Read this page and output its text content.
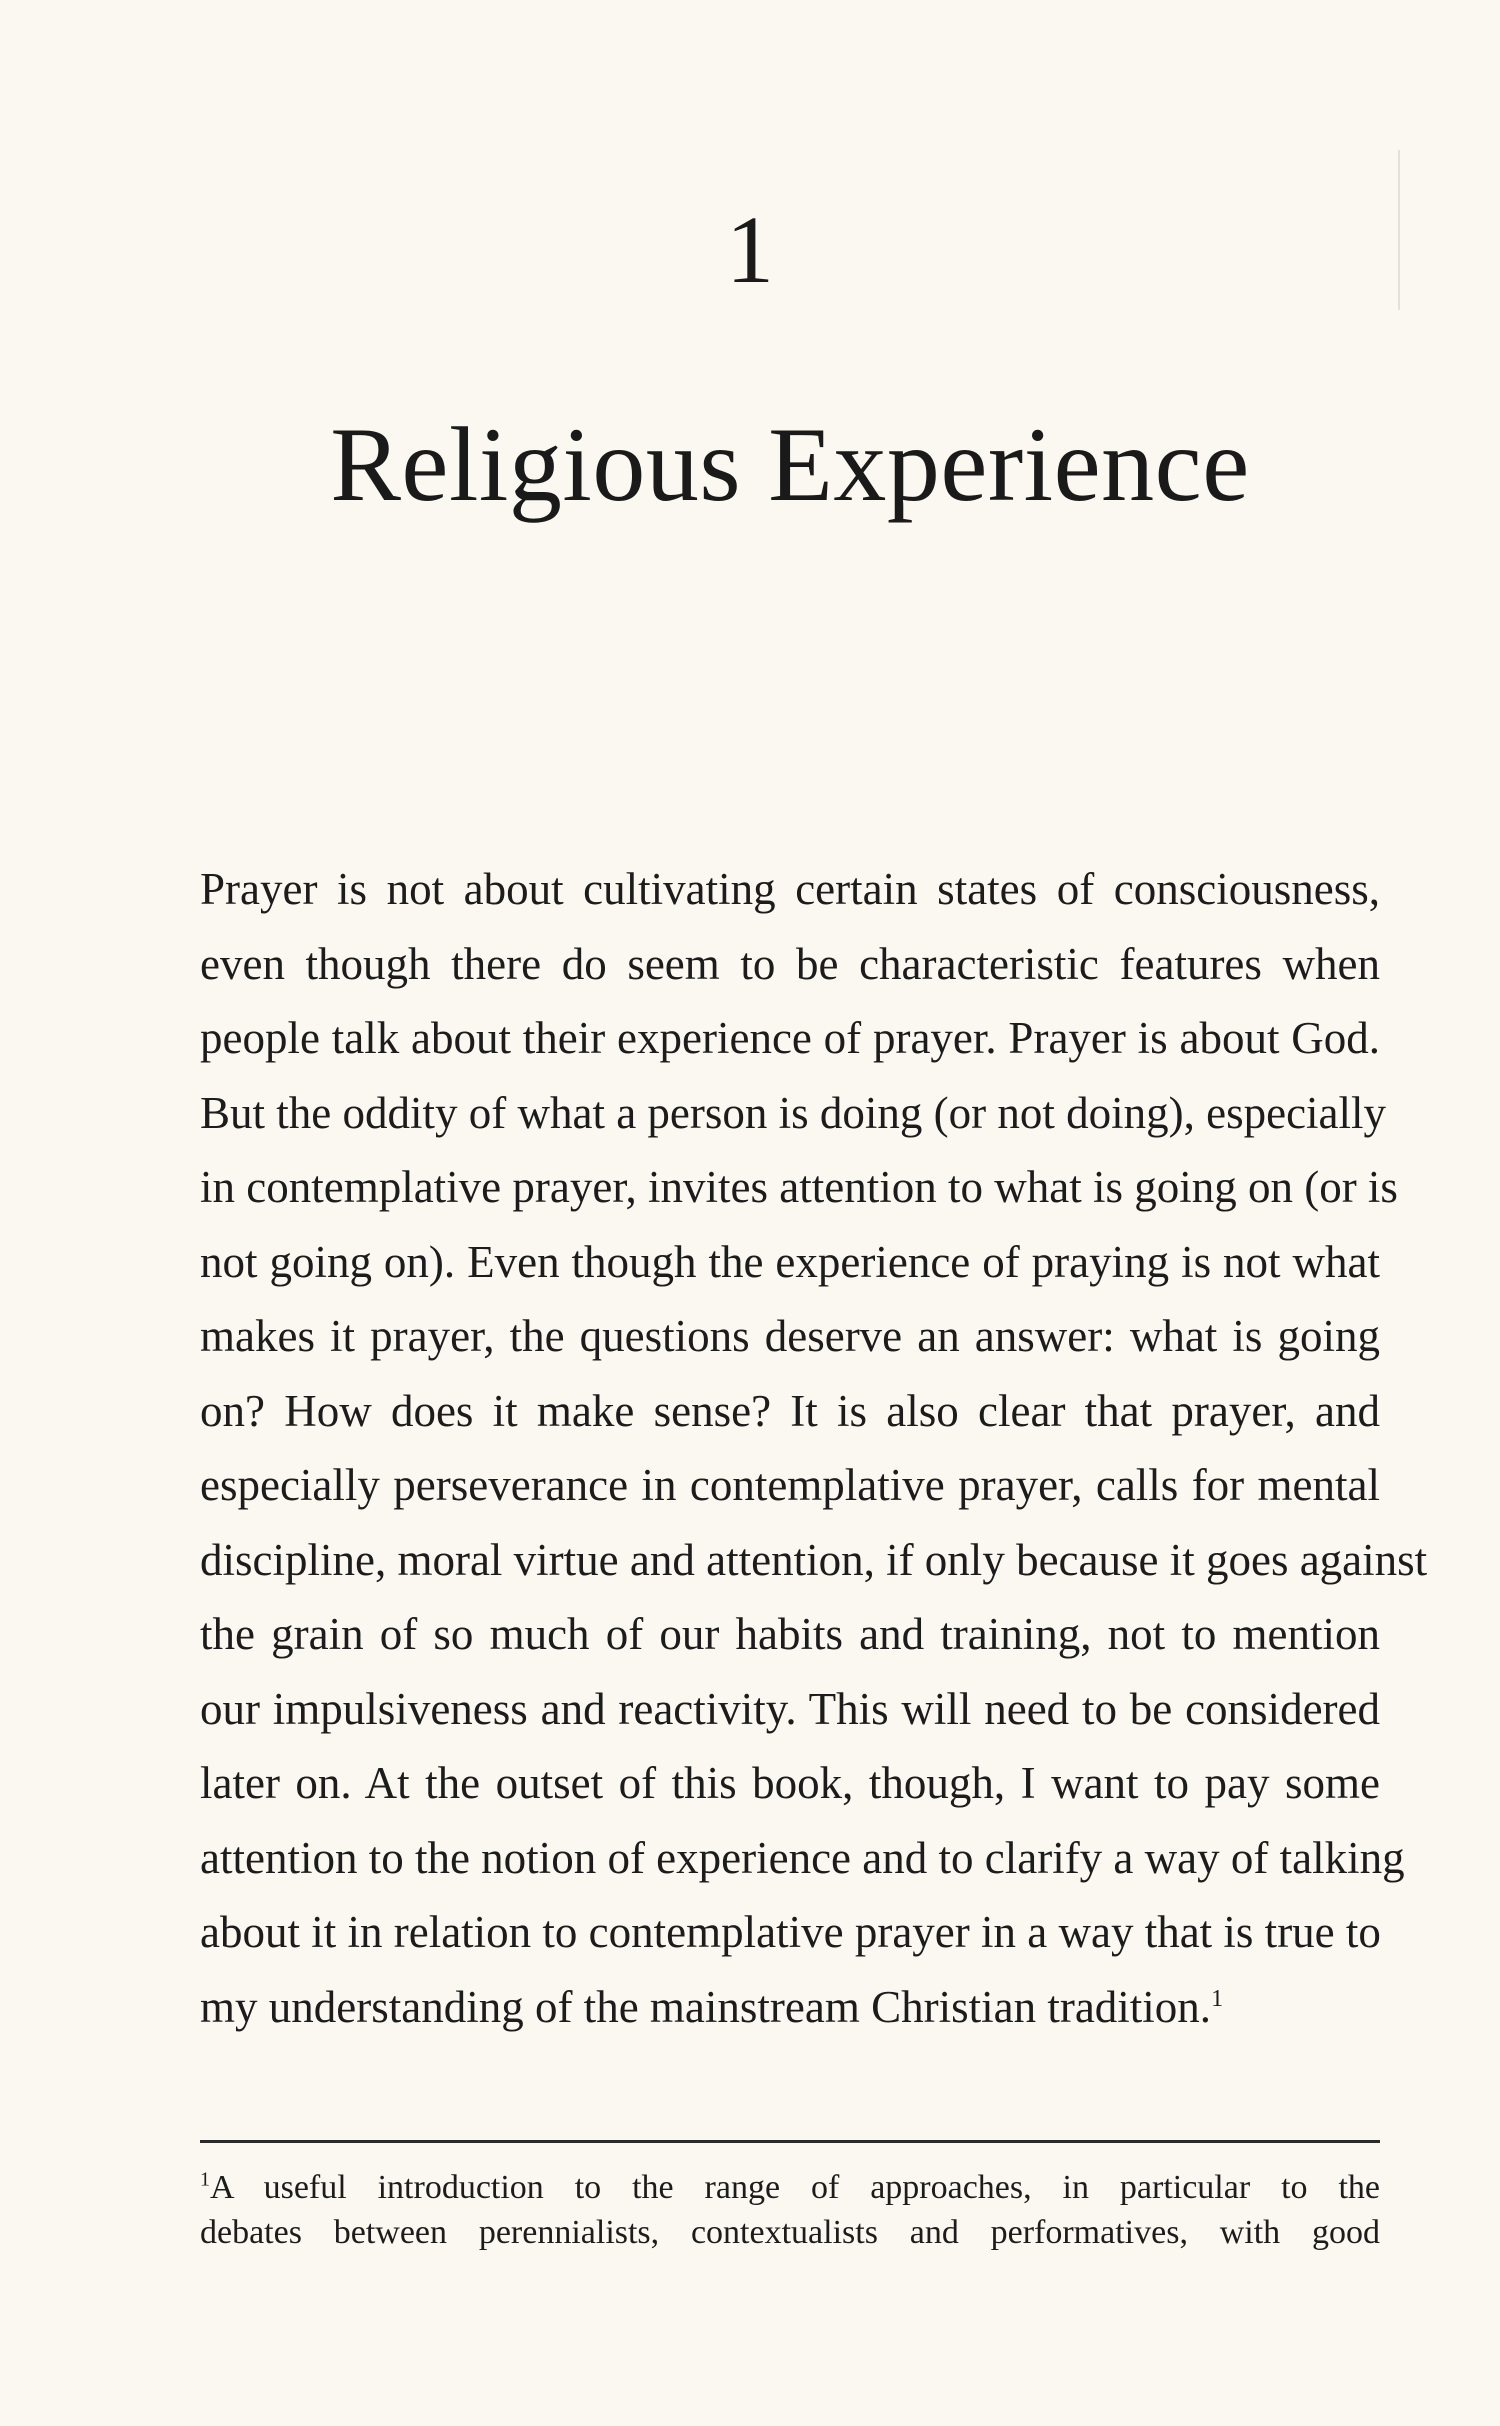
1
Religious Experience
Prayer is not about cultivating certain states of consciousness,
even though there do seem to be characteristic features when
people talk about their experience of prayer. Prayer is about God.
But the oddity of what a person is doing (or not doing), especially
in contemplative prayer, invites attention to what is going on (or is
not going on). Even though the experience of praying is not what
makes it prayer, the questions deserve an answer: what is going
on? How does it make sense? It is also clear that prayer, and
especially perseverance in contemplative prayer, calls for mental
discipline, moral virtue and attention, if only because it goes against
the grain of so much of our habits and training, not to mention
our impulsiveness and reactivity. This will need to be considered
later on. At the outset of this book, though, I want to pay some
attention to the notion of experience and to clarify a way of talking
about it in relation to contemplative prayer in a way that is true to
my understanding of the mainstream Christian tradition.$^1$
$^1$A useful introduction to the range of approaches, in particular to the
debates between perennialists, contextualists and performatives, with good
